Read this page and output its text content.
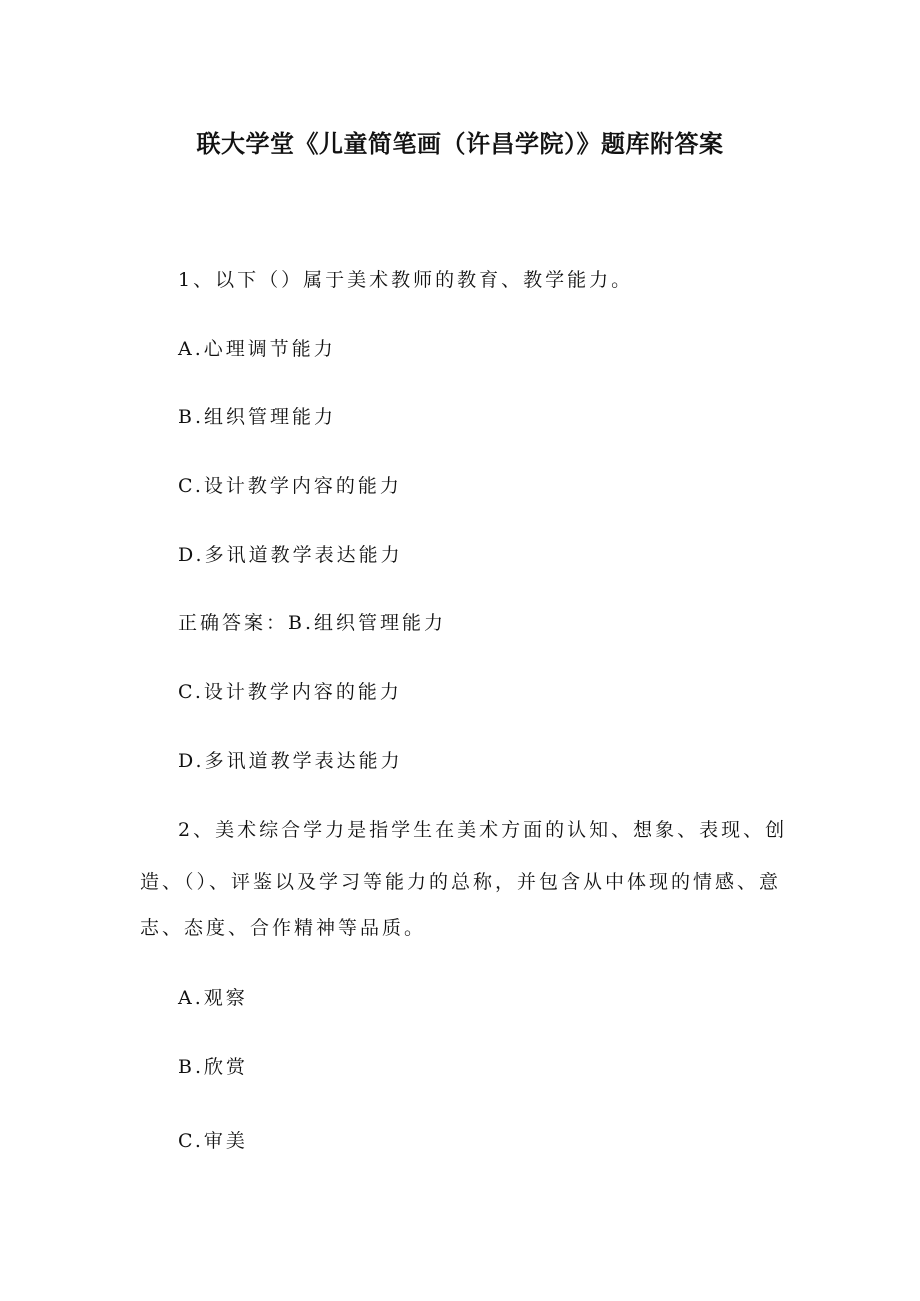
联大学堂《儿童简笔画（许昌学院）》题库附答案
1、以下（）属于美术教师的教育、教学能力。
A.心理调节能力
B.组织管理能力
C.设计教学内容的能力
D.多讯道教学表达能力
正确答案：B.组织管理能力
C.设计教学内容的能力
D.多讯道教学表达能力
2、美术综合学力是指学生在美术方面的认知、想象、表现、创
造、（）、评鉴以及学习等能力的总称，并包含从中体现的情感、意
志、态度、合作精神等品质。
A.观察
B.欣赏
C.审美
